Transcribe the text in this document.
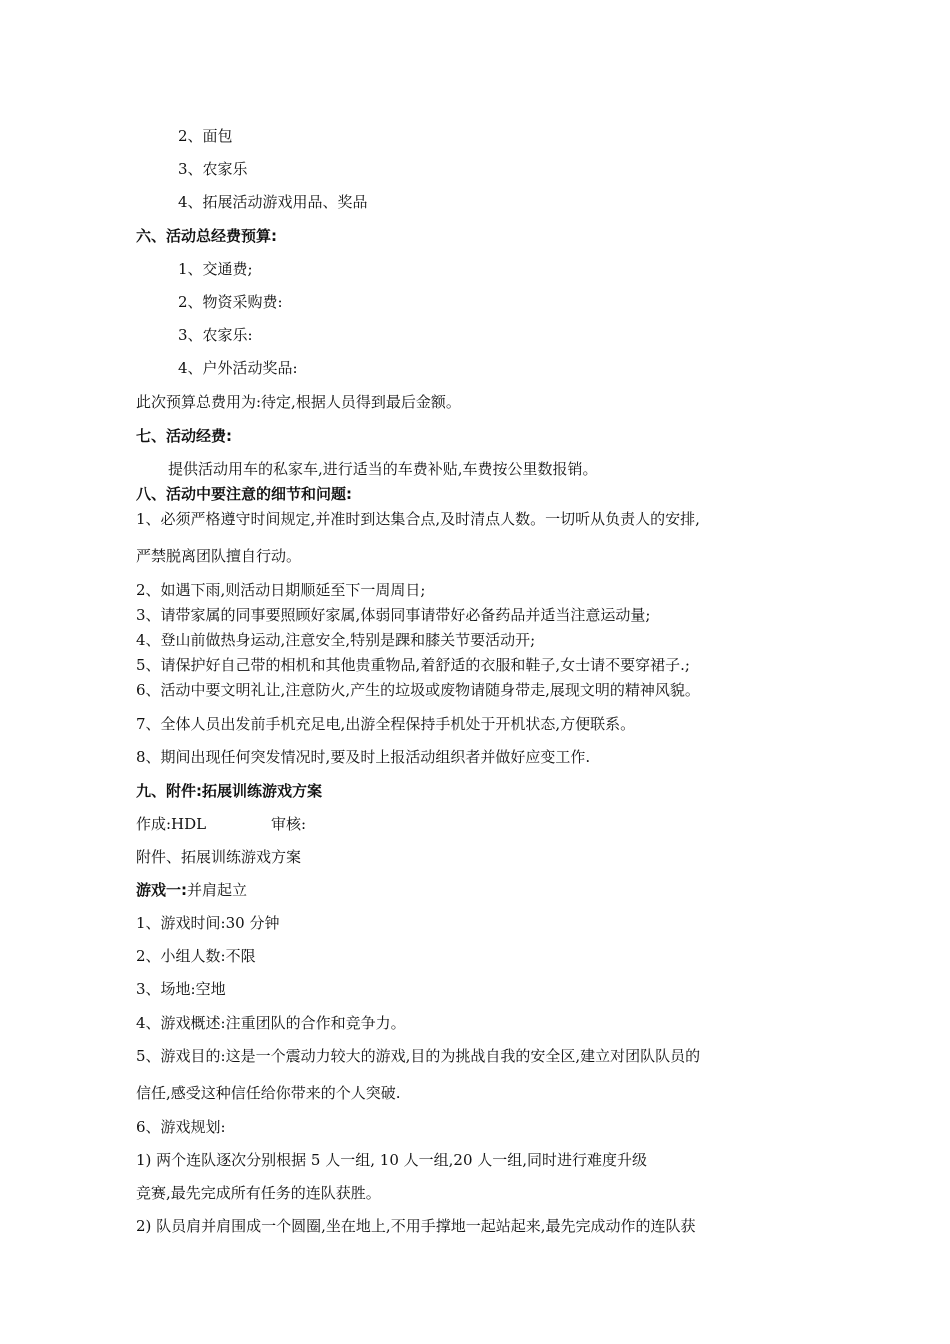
2、面包

3、农家乐

4、拓展活动游戏用品、奖品

六、活动总经费预算:

1、交通费;

2、物资采购费:

3、农家乐:

4、户外活动奖品:

此次预算总费用为:待定,根据人员得到最后金额。

七、活动经费:

提供活动用车的私家车,进行适当的车费补贴,车费按公里数报销。

八、活动中要注意的细节和问题:

1、必须严格遵守时间规定,并准时到达集合点,及时清点人数。一切听从负责人的安排,

严禁脱离团队擅自行动。

2、如遇下雨,则活动日期顺延至下一周周日;

3、请带家属的同事要照顾好家属,体弱同事请带好必备药品并适当注意运动量;

4、登山前做热身运动,注意安全,特别是踝和膝关节要活动开;

5、请保护好自己带的相机和其他贵重物品,着舒适的衣服和鞋子,女士请不要穿裙子.;

6、活动中要文明礼让,注意防火,产生的垃圾或废物请随身带走,展现文明的精神风貌。

7、全体人员出发前手机充足电,出游全程保持手机处于开机状态,方便联系。

8、期间出现任何突发情况时,要及时上报活动组织者并做好应变工作.

九、附件:拓展训练游戏方案

作成:HDL	审核:

附件、拓展训练游戏方案

游戏一:并肩起立

1、游戏时间:30 分钟

2、小组人数:不限

3、场地:空地

4、游戏概述:注重团队的合作和竞争力。

5、游戏目的:这是一个震动力较大的游戏,目的为挑战自我的安全区,建立对团队队员的

信任,感受这种信任给你带来的个人突破.

6、游戏规划:

1) 两个连队逐次分别根据 5 人一组, 10 人一组,20 人一组,同时进行难度升级

竞赛,最先完成所有任务的连队获胜。

2) 队员肩并肩围成一个圆圈,坐在地上,不用手撑地一起站起来,最先完成动作的连队获
